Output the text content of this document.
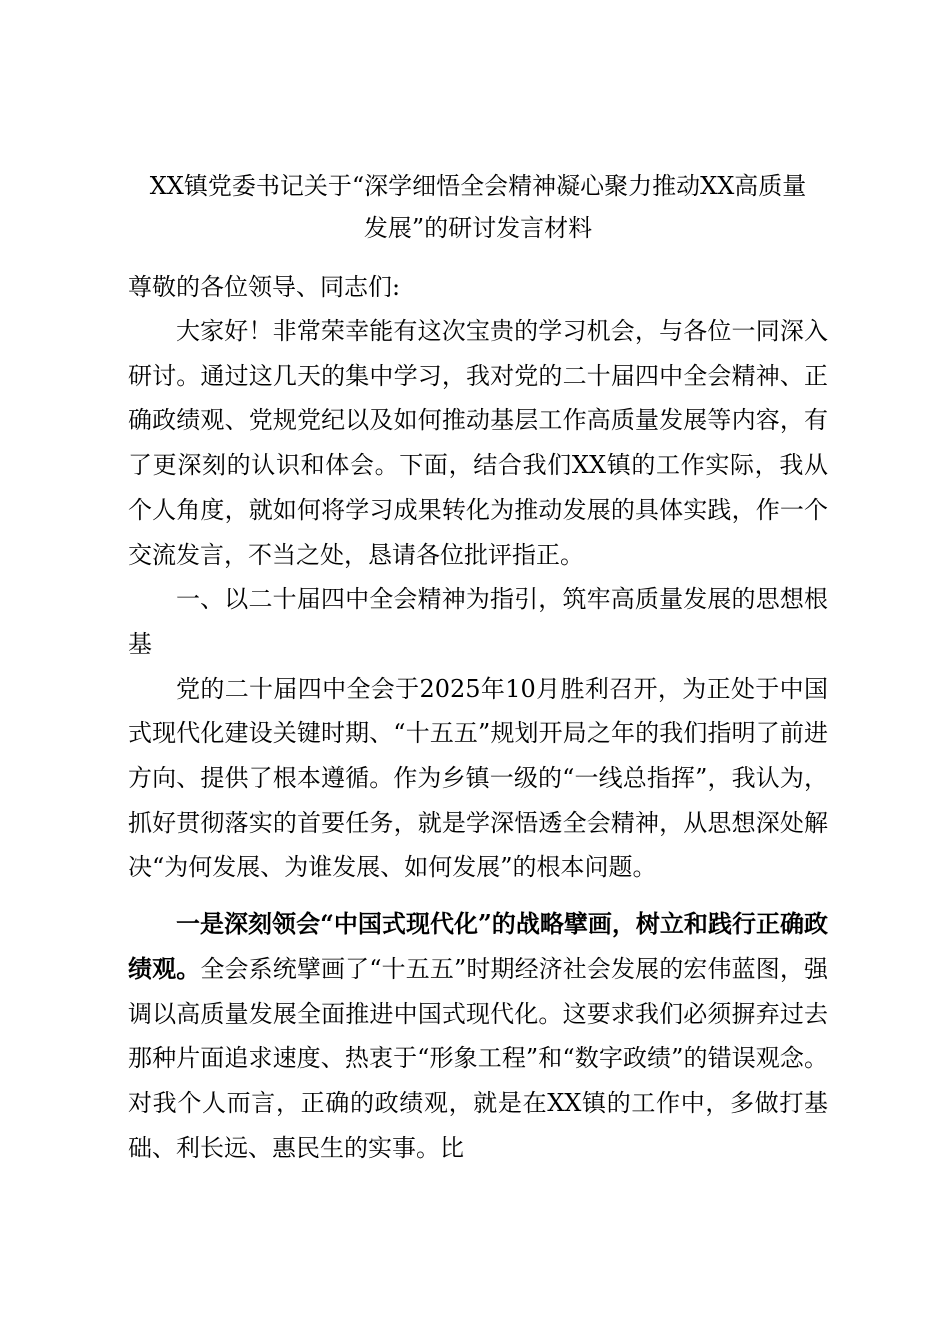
XX镇党委书记关于“深学细悟全会精神凝心聚力推动XX高质量
发展”的研讨发言材料

尊敬的各位领导、同志们:

大家好！非常荣幸能有这次宝贵的学习机会，与各位一同深入研讨。通过这几天的集中学习，我对党的二十届四中全会精神、正确政绩观、党规党纪以及如何推动基层工作高质量发展等内容，有了更深刻的认识和体会。下面，结合我们XX镇的工作实际，我从个人角度，就如何将学习成果转化为推动发展的具体实践，作一个交流发言，不当之处，恳请各位批评指正。

一、以二十届四中全会精神为指引，筑牢高质量发展的思想根基

党的二十届四中全会于2025年10月胜利召开，为正处于中国式现代化建设关键时期、“十五五”规划开局之年的我们指明了前进方向、提供了根本遵循。作为乡镇一级的“一线总指挥”，我认为，抓好贯彻落实的首要任务，就是学深悟透全会精神，从思想深处解决“为何发展、为谁发展、如何发展”的根本问题。

一是深刻领会“中国式现代化”的战略擘画，树立和践行正确政绩观。全会系统擘画了“十五五”时期经济社会发展的宏伟蓝图，强调以高质量发展全面推进中国式现代化。这要求我们必须摒弃过去那种片面追求速度、热衷于“形象工程”和“数字政绩”的错误观念。对我个人而言，正确的政绩观，就是在XX镇的工作中，多做打基础、利长远、惠民生的实事。比
